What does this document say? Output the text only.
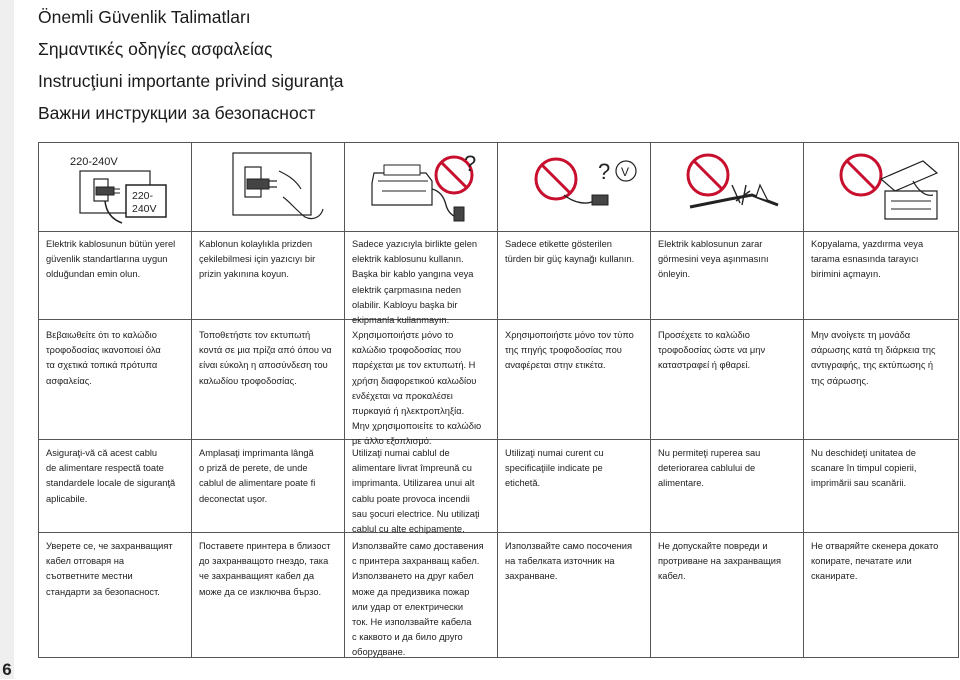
6
Önemli Güvenlik Talimatları
Σημαντικές οδηγίες ασφαλείας
Instrucţiuni importante privind siguranţa
Важни инструкции за безопасност
220-240V
220-
240V
?	? V
Elektrik kablosunun bütün yerel
güvenlik standartlarına uygun
olduğundan emin olun.
Kablonun kolaylıkla prizden
çekilebilmesi için yazıcıyı bir
prizin yakınına koyun.
Sadece yazıcıyla birlikte gelen
elektrik kablosunu kullanın.
Başka bir kablo yangına veya
elektrik çarpmasına neden
olabilir. Kabloyu başka bir
ekipmanla kullanmayın.
Sadece etikette gösterilen
türden bir güç kaynağı kullanın.
Elektrik kablosunun zarar
görmesini veya aşınmasını
önleyin.
Kopyalama, yazdırma veya
tarama esnasında tarayıcı
birimini açmayın.
Βεβαιωθείτε ότι το καλώδιο
τροφοδοσίας ικανοποιεί όλα
τα σχετικά τοπικά πρότυπα
ασφαλείας.
Τοποθετήστε τον εκτυπωτή
κοντά σε μια πρίζα από όπου να
είναι εύκολη η αποσύνδεση του
καλωδίου τροφοδοσίας.
Χρησιμοποιήστε μόνο το
καλώδιο τροφοδοσίας που
παρέχεται με τον εκτυπωτή. Η
χρήση διαφορετικού καλωδίου
ενδέχεται να προκαλέσει
πυρκαγιά ή ηλεκτροπληξία.
Μην χρησιμοποιείτε το καλώδιο
με άλλο εξοπλισμό.
Χρησιμοποιήστε μόνο τον τύπο
της πηγής τροφοδοσίας που
αναφέρεται στην ετικέτα.
Προσέχετε το καλώδιο
τροφοδοσίας ώστε να μην
καταστραφεί ή φθαρεί.
Μην ανοίγετε τη μονάδα
σάρωσης κατά τη διάρκεια της
αντιγραφής, της εκτύπωσης ή
της σάρωσης.
Asiguraţi-vă că acest cablu
de alimentare respectă toate
standardele locale de siguranţă
aplicabile.
Amplasaţi imprimanta lângă
o priză de perete, de unde
cablul de alimentare poate fi
deconectat uşor.
Utilizaţi numai cablul de
alimentare livrat împreună cu
imprimanta. Utilizarea unui alt
cablu poate provoca incendii
sau şocuri electrice. Nu utilizaţi
cablul cu alte echipamente.
Utilizaţi numai curent cu
specificaţiile indicate pe
etichetă.
Nu permiteţi ruperea sau
deteriorarea cablului de
alimentare.
Nu deschideţi unitatea de
scanare în timpul copierii,
imprimării sau scanării.
Уверете се, че захранващият
кабел отговаря на
съответните местни
стандарти за безопасност.
Поставете принтера в близост
до захранващото гнездо, така
че захранващият кабел да
може да се изключва бързо.
Използвайте само доставения
с принтера захранващ кабел.
Използването на друг кабел
може да предизвика пожар
или удар от електрически
ток. Не използвайте кабела
с каквото и да било друго
оборудване.
Използвайте само посочения
на табелката източник на
захранване.
Не допускайте повреди и
протриване на захранващия
кабел.
Не отваряйте скенера докато
копирате, печатате или
сканирате.
